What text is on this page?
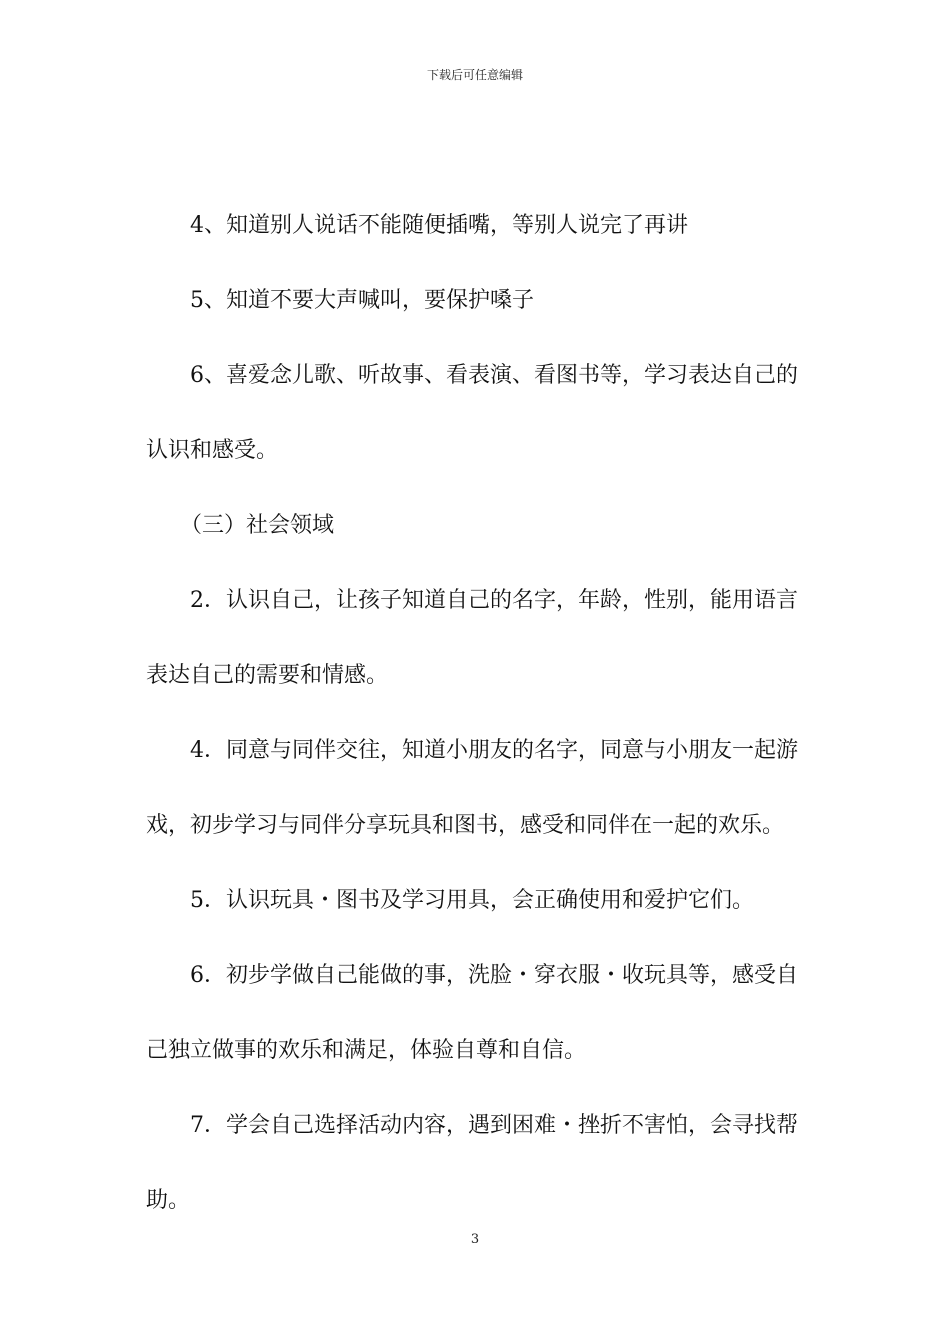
下载后可任意编辑

4、知道别人说话不能随便插嘴，等别人说完了再讲

5、知道不要大声喊叫，要保护嗓子

6、喜爱念儿歌、听故事、看表演、看图书等，学习表达自己的

认识和感受。

（三）社会领域

2．认识自己，让孩子知道自己的名字，年龄，性别，能用语言

表达自己的需要和情感。

4．同意与同伴交往，知道小朋友的名字，同意与小朋友一起游

戏，初步学习与同伴分享玩具和图书，感受和同伴在一起的欢乐。

5．认识玩具・图书及学习用具，会正确使用和爱护它们。

6．初步学做自己能做的事，洗脸・穿衣服・收玩具等，感受自

己独立做事的欢乐和满足，体验自尊和自信。

7．学会自己选择活动内容，遇到困难・挫折不害怕，会寻找帮

助。

3
